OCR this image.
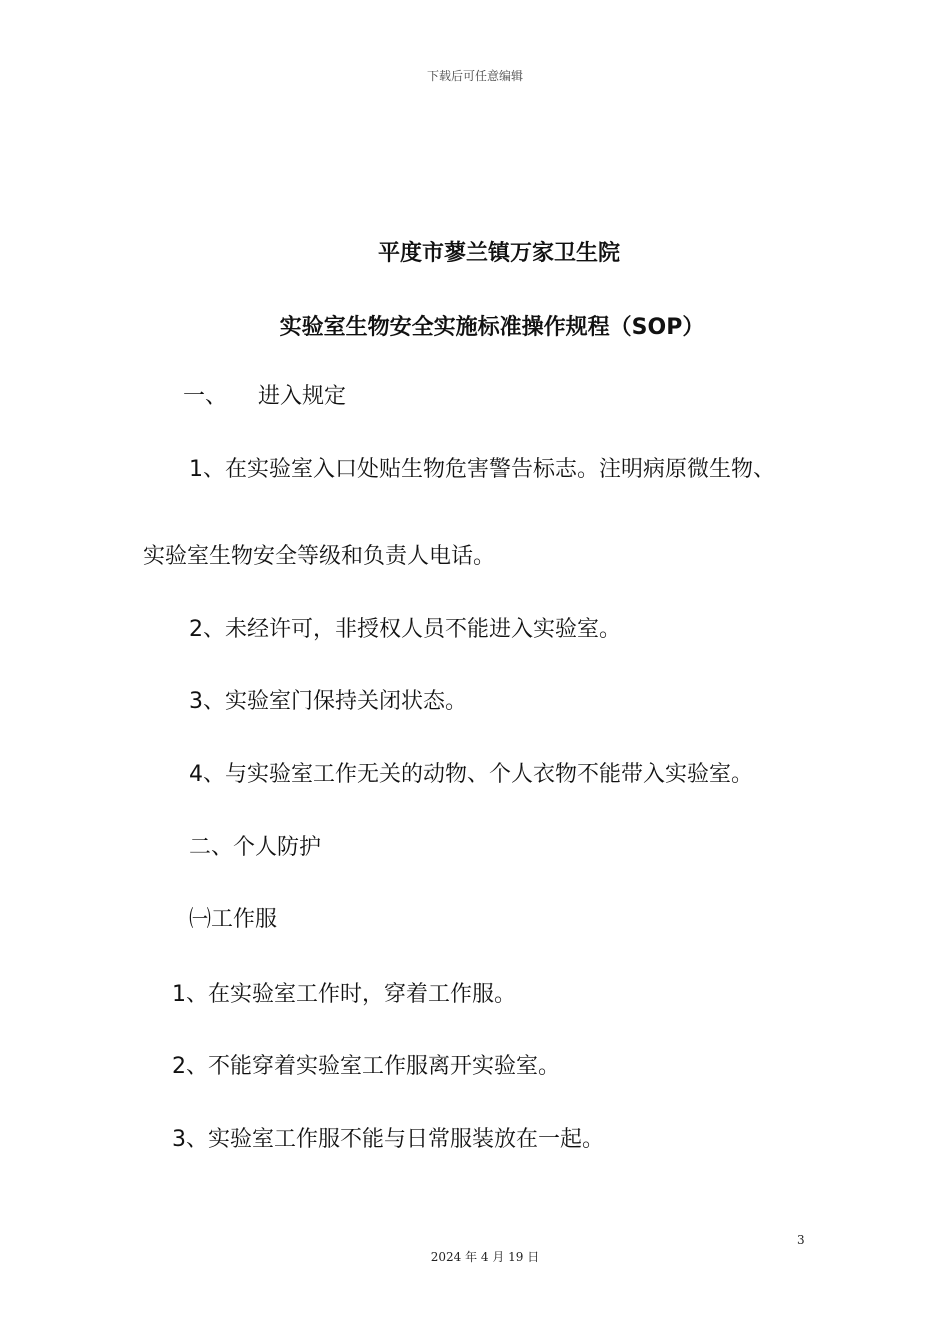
下载后可任意编辑
平度市蓼兰镇万家卫生院
实验室生物安全实施标准操作规程（SOP）
一、 进入规定
1、在实验室入口处贴生物危害警告标志。注明病原微生物、
实验室生物安全等级和负责人电话。
2、未经许可，非授权人员不能进入实验室。
3、实验室门保持关闭状态。
4、与实验室工作无关的动物、个人衣物不能带入实验室。
二、个人防护
㈠工作服
1、在实验室工作时，穿着工作服。
2、不能穿着实验室工作服离开实验室。
3、实验室工作服不能与日常服装放在一起。
3
2024 年 4 月 19 日
